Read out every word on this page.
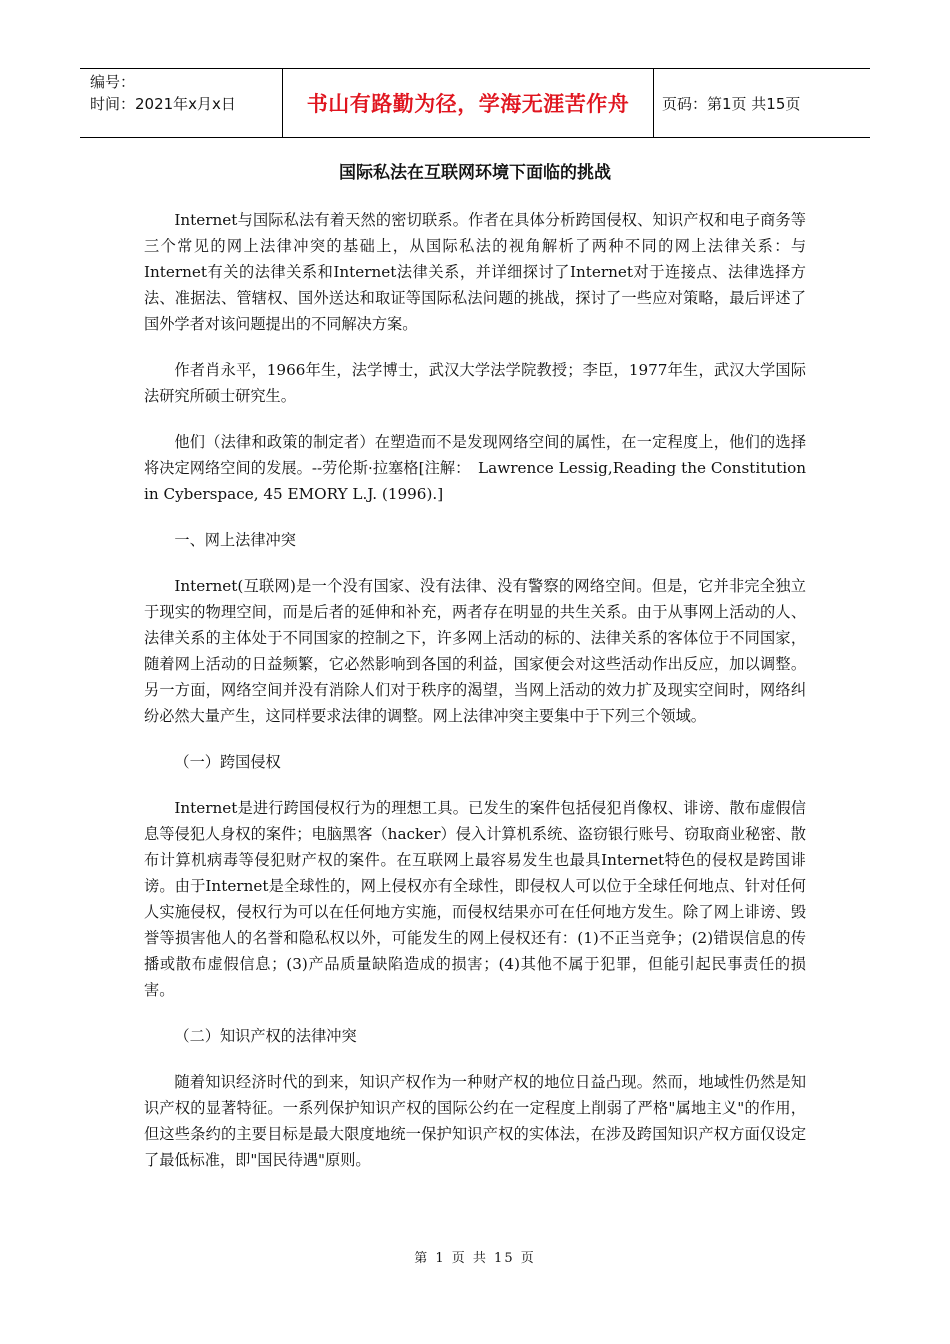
编号：
时间：2021年x月x日	书山有路勤为径，学海无涯苦作舟	页码：第1页 共15页
国际私法在互联网环境下面临的挑战

Internet与国际私法有着天然的密切联系。作者在具体分析跨国侵权、知识产权和电子商务等三个常见的网上法律冲突的基础上，从国际私法的视角解析了两种不同的网上法律关系：与Internet有关的法律关系和Internet法律关系，并详细探讨了Internet对于连接点、法律选择方法、准据法、管辖权、国外送达和取证等国际私法问题的挑战，探讨了一些应对策略，最后评述了国外学者对该问题提出的不同解决方案。

作者肖永平，1966年生，法学博士，武汉大学法学院教授；李臣，1977年生，武汉大学国际法研究所硕士研究生。

他们（法律和政策的制定者）在塑造而不是发现网络空间的属性，在一定程度上，他们的选择将决定网络空间的发展。--劳伦斯·拉塞格[注解：　Lawrence Lessig,Reading the Constitution in Cyberspace, 45 EMORY L.J. (1996).]

一、网上法律冲突

Internet(互联网)是一个没有国家、没有法律、没有警察的网络空间。但是，它并非完全独立于现实的物理空间，而是后者的延伸和补充，两者存在明显的共生关系。由于从事网上活动的人、法律关系的主体处于不同国家的控制之下，许多网上活动的标的、法律关系的客体位于不同国家，随着网上活动的日益频繁，它必然影响到各国的利益，国家便会对这些活动作出反应，加以调整。另一方面，网络空间并没有消除人们对于秩序的渴望，当网上活动的效力扩及现实空间时，网络纠纷必然大量产生，这同样要求法律的调整。网上法律冲突主要集中于下列三个领域。

（一）跨国侵权

Internet是进行跨国侵权行为的理想工具。已发生的案件包括侵犯肖像权、诽谤、散布虚假信息等侵犯人身权的案件；电脑黑客（hacker）侵入计算机系统、盗窃银行账号、窃取商业秘密、散布计算机病毒等侵犯财产权的案件。在互联网上最容易发生也最具Internet特色的侵权是跨国诽谤。由于Internet是全球性的，网上侵权亦有全球性，即侵权人可以位于全球任何地点、针对任何人实施侵权，侵权行为可以在任何地方实施，而侵权结果亦可在任何地方发生。除了网上诽谤、毁誉等损害他人的名誉和隐私权以外，可能发生的网上侵权还有：(1)不正当竞争；(2)错误信息的传播或散布虚假信息；(3)产品质量缺陷造成的损害；(4)其他不属于犯罪，但能引起民事责任的损害。

（二）知识产权的法律冲突

随着知识经济时代的到来，知识产权作为一种财产权的地位日益凸现。然而，地域性仍然是知识产权的显著特征。一系列保护知识产权的国际公约在一定程度上削弱了严格"属地主义"的作用，但这些条约的主要目标是最大限度地统一保护知识产权的实体法，在涉及跨国知识产权方面仅设定了最低标准，即"国民待遇"原则。

第 1 页 共 15 页
